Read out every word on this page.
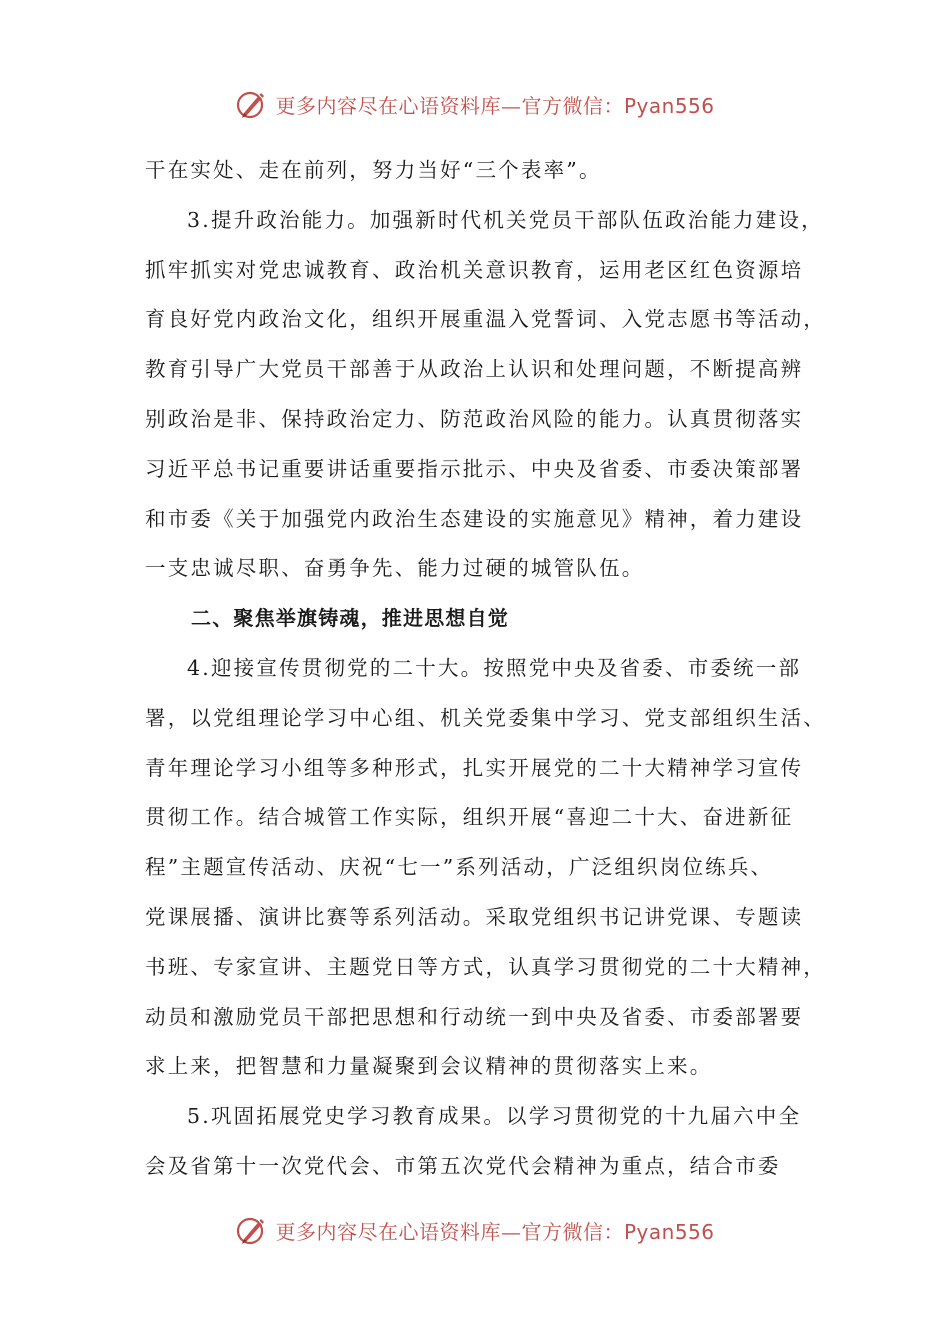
更多内容尽在心语资料库—官方微信：Pyan556
干在实处、走在前列，努力当好“三个表率”。
3.提升政治能力。加强新时代机关党员干部队伍政治能力建设，
抓牢抓实对党忠诚教育、政治机关意识教育，运用老区红色资源培
育良好党内政治文化，组织开展重温入党誓词、入党志愿书等活动，
教育引导广大党员干部善于从政治上认识和处理问题，不断提高辨
别政治是非、保持政治定力、防范政治风险的能力。认真贯彻落实
习近平总书记重要讲话重要指示批示、中央及省委、市委决策部署
和市委《关于加强党内政治生态建设的实施意见》精神，着力建设
一支忠诚尽职、奋勇争先、能力过硬的城管队伍。
二、聚焦举旗铸魂，推进思想自觉
4.迎接宣传贯彻党的二十大。按照党中央及省委、市委统一部
署，以党组理论学习中心组、机关党委集中学习、党支部组织生活、
青年理论学习小组等多种形式，扎实开展党的二十大精神学习宣传
贯彻工作。结合城管工作实际，组织开展“喜迎二十大、奋进新征
程”主题宣传活动、庆祝“七一”系列活动，广泛组织岗位练兵、
党课展播、演讲比赛等系列活动。采取党组织书记讲党课、专题读
书班、专家宣讲、主题党日等方式，认真学习贯彻党的二十大精神，
动员和激励党员干部把思想和行动统一到中央及省委、市委部署要
求上来，把智慧和力量凝聚到会议精神的贯彻落实上来。
5.巩固拓展党史学习教育成果。以学习贯彻党的十九届六中全
会及省第十一次党代会、市第五次党代会精神为重点，结合市委
更多内容尽在心语资料库—官方微信：Pyan556
